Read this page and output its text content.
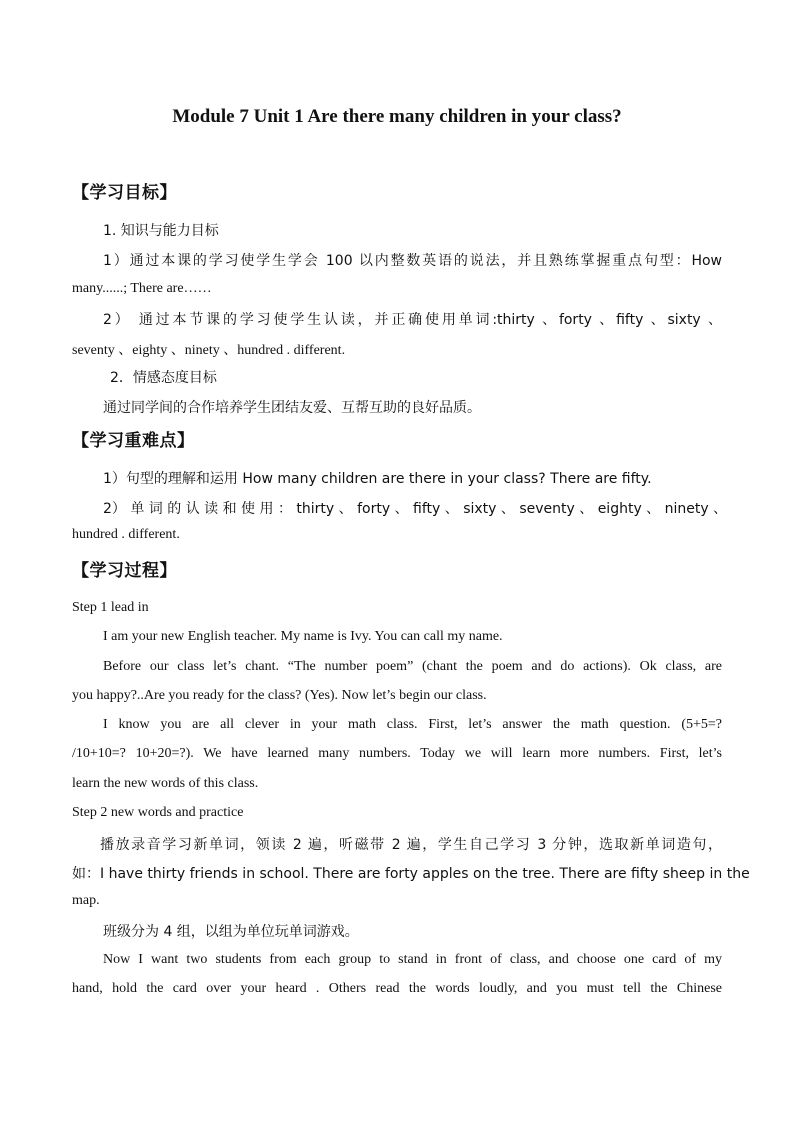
Module 7 Unit 1 Are there many children in your class?
【学习目标】
1. 知识与能力目标
1）通过本课的学习使学生学会 100 以内整数英语的说法，并且熟练掌握重点句型：How
many......; There are……
2） 通过本节课的学习使学生认读，并正确使用单词:thirty 、forty 、fifty 、sixty 、
seventy 、eighty 、ninety 、hundred . different.
2．情感态度目标
通过同学间的合作培养学生团结友爱、互帮互助的良好品质。
【学习重难点】
1）句型的理解和运用 How many children are there in your class? There are fifty.
2） 单 词 的 认 读 和 使 用 ： thirty 、 forty 、 fifty 、 sixty 、 seventy 、 eighty 、 ninety 、
hundred . different.
【学习过程】
Step 1 lead in
I am your new English teacher. My name is Ivy. You can call my name.
Before our class let’s chant. “The number poem” (chant the poem and do actions). Ok class, are
you happy?..Are you ready for the class? (Yes). Now let’s begin our class.
I know you are all clever in your math class. First, let’s answer the math question. (5+5=?
/10+10=? 10+20=?). We have learned many numbers. Today we will learn more numbers. First, let’s
learn the new words of this class.
Step 2 new words and practice
播放录音学习新单词，领读 2 遍，听磁带 2 遍，学生自己学习 3 分钟，选取新单词造句，
如：I have thirty friends in school. There are forty apples on the tree. There are fifty sheep in the
map.
班级分为 4 组，以组为单位玩单词游戏。
Now I want two students from each group to stand in front of class, and choose one card of my
hand, hold the card over your heard . Others read the words loudly, and you must tell the Chinese
